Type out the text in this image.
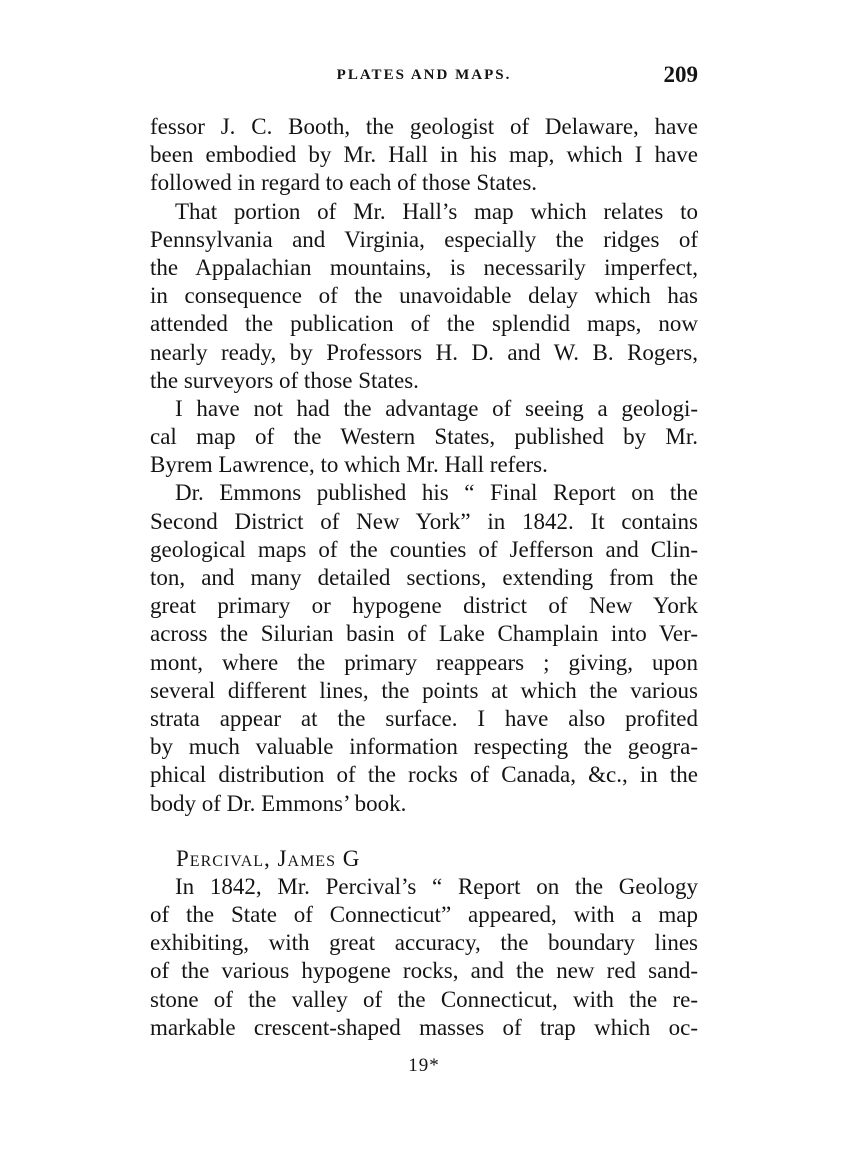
PLATES AND MAPS.	209
fessor J. C. Booth, the geologist of Delaware, have
been embodied by Mr. Hall in his map, which I have
followed in regard to each of those States.
That portion of Mr. Hall’s map which relates to
Pennsylvania and Virginia, especially the ridges of
the Appalachian mountains, is necessarily imperfect,
in consequence of the unavoidable delay which has
attended the publication of the splendid maps, now
nearly ready, by Professors H. D. and W. B. Rogers,
the surveyors of those States.
I have not had the advantage of seeing a geologi-
cal map of the Western States, published by Mr.
Byrem Lawrence, to which Mr. Hall refers.
Dr. Emmons published his “ Final Report on the
Second District of New York” in 1842. It contains
geological maps of the counties of Jefferson and Clin-
ton, and many detailed sections, extending from the
great primary or hypogene district of New York
across the Silurian basin of Lake Champlain into Ver-
mont, where the primary reappears ; giving, upon
several different lines, the points at which the various
strata appear at the surface. I have also profited
by much valuable information respecting the geogra-
phical distribution of the rocks of Canada, &c., in the
body of Dr. Emmons’ book.
Percival, James G
In 1842, Mr. Percival’s “ Report on the Geology
of the State of Connecticut” appeared, with a map
exhibiting, with great accuracy, the boundary lines
of the various hypogene rocks, and the new red sand-
stone of the valley of the Connecticut, with the re-
markable crescent-shaped masses of trap which oc-
19*
